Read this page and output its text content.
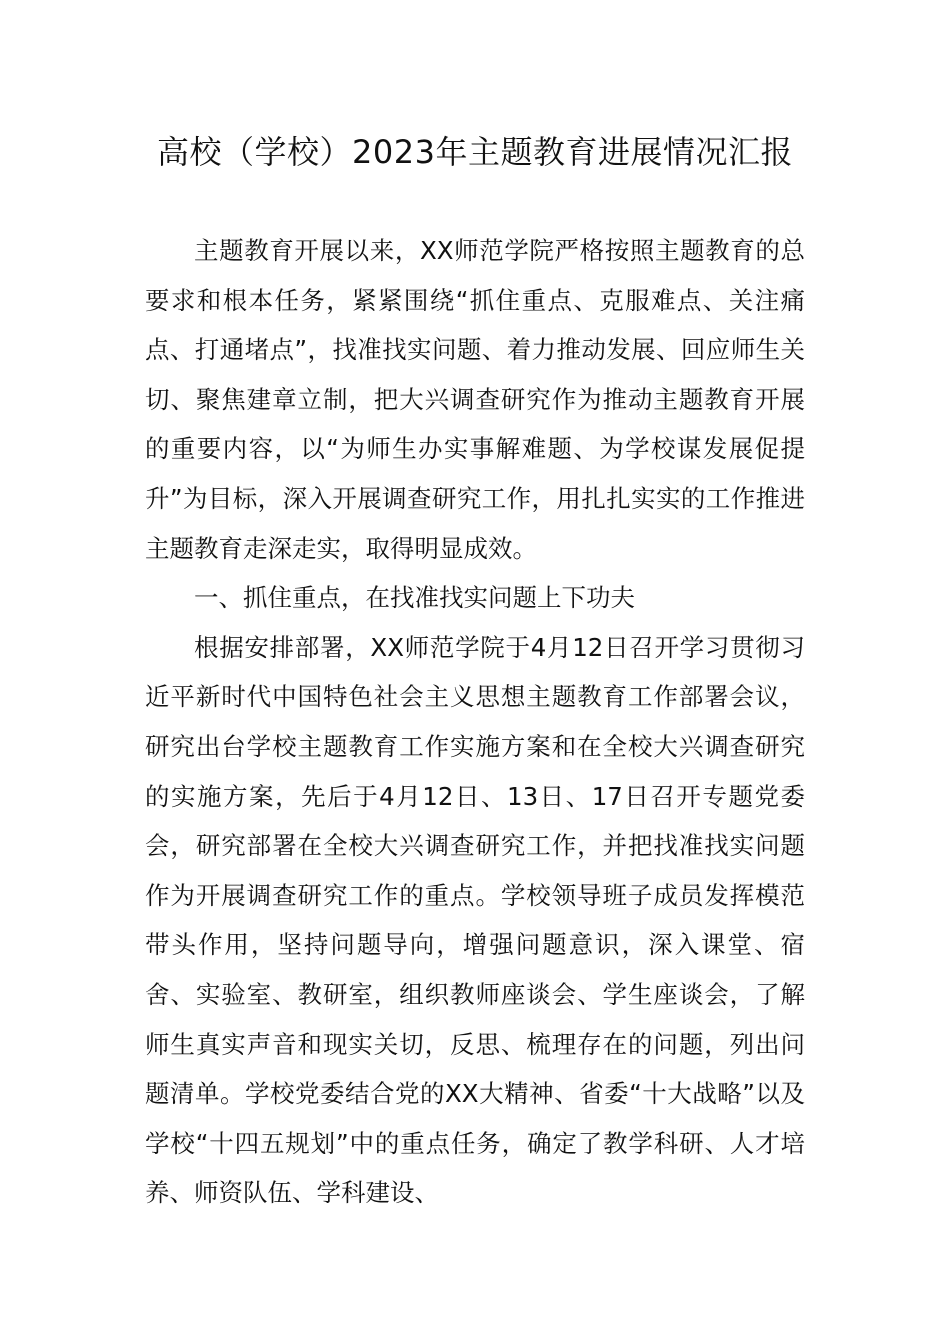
高校（学校）2023年主题教育进展情况汇报

主题教育开展以来，XX师范学院严格按照主题教育的总要求和根本任务，紧紧围绕“抓住重点、克服难点、关注痛点、打通堵点”，找准找实问题、着力推动发展、回应师生关切、聚焦建章立制，把大兴调查研究作为推动主题教育开展的重要内容，以“为师生办实事解难题、为学校谋发展促提升”为目标，深入开展调查研究工作，用扎扎实实的工作推进主题教育走深走实，取得明显成效。

一、抓住重点，在找准找实问题上下功夫

根据安排部署，XX师范学院于4月12日召开学习贯彻习近平新时代中国特色社会主义思想主题教育工作部署会议，研究出台学校主题教育工作实施方案和在全校大兴调查研究的实施方案，先后于4月12日、13日、17日召开专题党委会，研究部署在全校大兴调查研究工作，并把找准找实问题作为开展调查研究工作的重点。学校领导班子成员发挥模范带头作用，坚持问题导向，增强问题意识，深入课堂、宿舍、实验室、教研室，组织教师座谈会、学生座谈会，了解师生真实声音和现实关切，反思、梳理存在的问题，列出问题清单。学校党委结合党的XX大精神、省委“十大战略”以及学校“十四五规划”中的重点任务，确定了教学科研、人才培养、师资队伍、学科建设、
